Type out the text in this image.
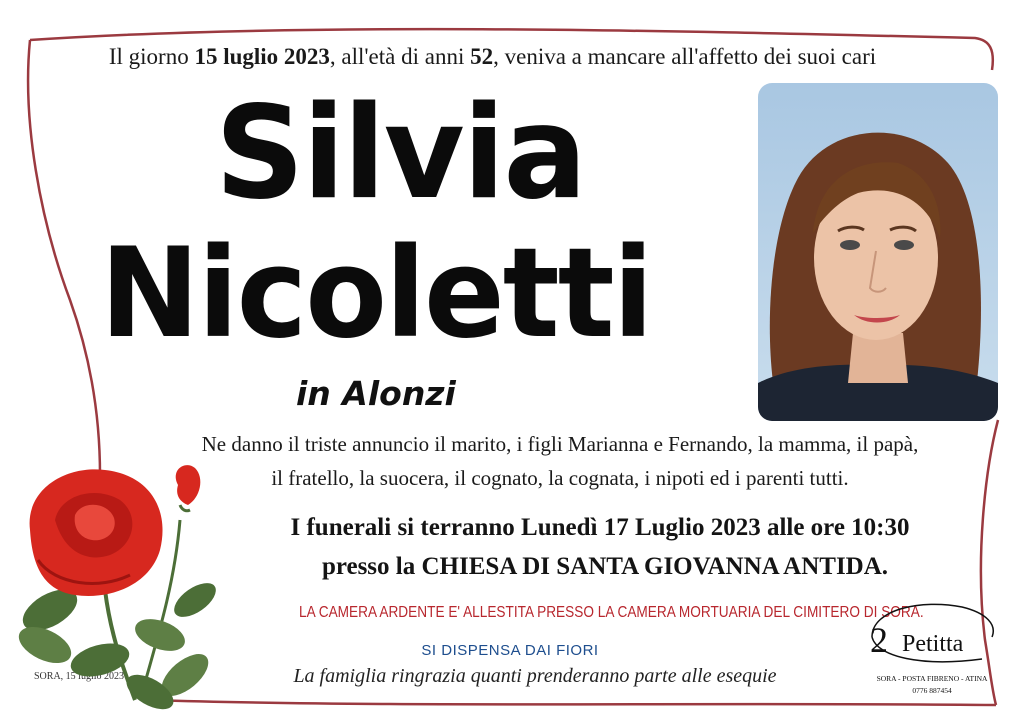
Il giorno 15 luglio 2023, all'età di anni 52, veniva a mancare all'affetto dei suoi cari
Silvia
Nicoletti
in Alonzi
Ne danno il triste annuncio il marito, i figli Marianna e Fernando, la mamma, il papà,
il fratello, la suocera, il cognato, la cognata, i nipoti ed i parenti tutti.
I funerali si terranno Lunedì 17 Luglio 2023 alle ore 10:30
presso la CHIESA DI SANTA GIOVANNA ANTIDA.
LA CAMERA ARDENTE E' ALLESTITA PRESSO LA CAMERA MORTUARIA DEL CIMITERO DI SORA.
SI DISPENSA DAI FIORI
La famiglia ringrazia quanti prenderanno parte alle esequie
SORA, 15 luglio 2023
2 Petitta
SORA - POSTA FIBRENO - ATINA
0776 887454
